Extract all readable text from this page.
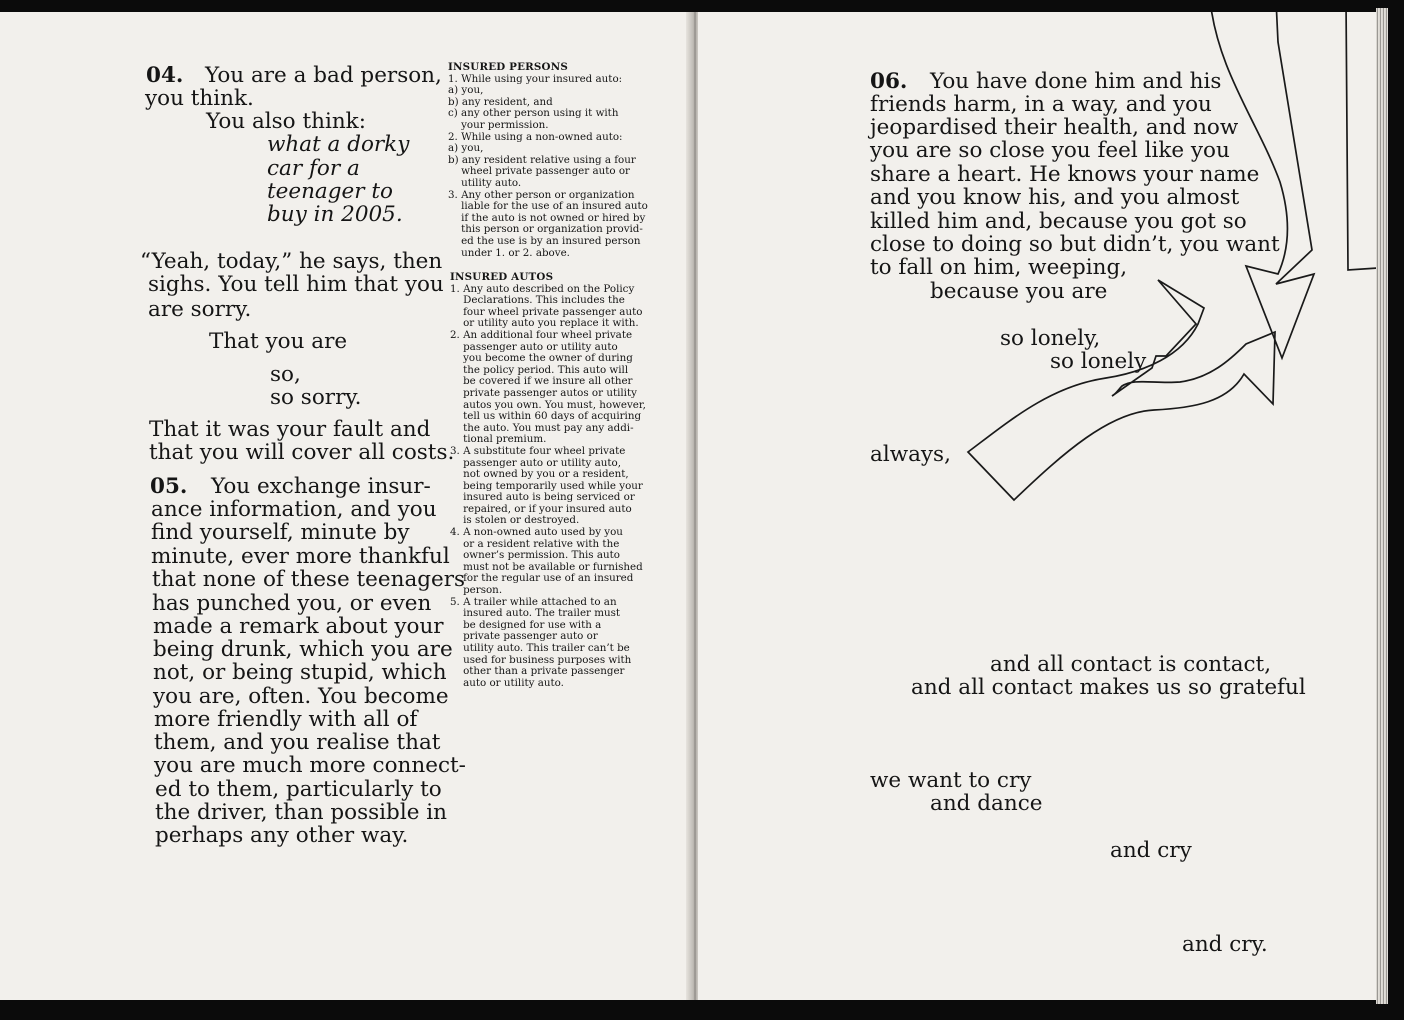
04. You are a bad person,
you think.
You also think:
what a dorky
car for a
teenager to
buy in 2005.
“Yeah, today,” he says, then
sighs. You tell him that you
are sorry.
That you are
so,
so sorry.
That it was your fault and
that you will cover all costs.
05. You exchange insur-
ance information, and you
find yourself, minute by
minute, ever more thankful
that none of these teenagers
has punched you, or even
made a remark about your
being drunk, which you are
not, or being stupid, which
you are, often. You become
more friendly with all of
them, and you realise that
you are much more connect-
ed to them, particularly to
the driver, than possible in
perhaps any other way.
INSURED PERSONS
1. While using your insured auto:
a) you,
b) any resident, and
c) any other person using it with
your permission.
2. While using a non-owned auto:
a) you,
b) any resident relative using a four
wheel private passenger auto or
utility auto.
3. Any other person or organization
liable for the use of an insured auto
if the auto is not owned or hired by
this person or organization provid-
ed the use is by an insured person
under 1. or 2. above.
INSURED AUTOS
1. Any auto described on the Policy
Declarations. This includes the
four wheel private passenger auto
or utility auto you replace it with.
2. An additional four wheel private
passenger auto or utility auto
you become the owner of during
the policy period. This auto will
be covered if we insure all other
private passenger autos or utility
autos you own. You must, however,
tell us within 60 days of acquiring
the auto. You must pay any addi-
tional premium.
3. A substitute four wheel private
passenger auto or utility auto,
not owned by you or a resident,
being temporarily used while your
insured auto is being serviced or
repaired, or if your insured auto
is stolen or destroyed.
4. A non-owned auto used by you
or a resident relative with the
owner’s permission. This auto
must not be available or furnished
for the regular use of an insured
person.
5. A trailer while attached to an
insured auto. The trailer must
be designed for use with a
private passenger auto or
utility auto. This trailer can’t be
used for business purposes with
other than a private passenger
auto or utility auto.
06. You have done him and his
friends harm, in a way, and you
jeopardised their health, and now
you are so close you feel like you
share a heart. He knows your name
and you know his, and you almost
killed him and, because you got so
close to doing so but didn’t, you want
to fall on him, weeping,
because you are
so lonely,
so lonely
always,
and all contact is contact,
and all contact makes us so grateful
we want to cry
and dance
and cry
and cry.
